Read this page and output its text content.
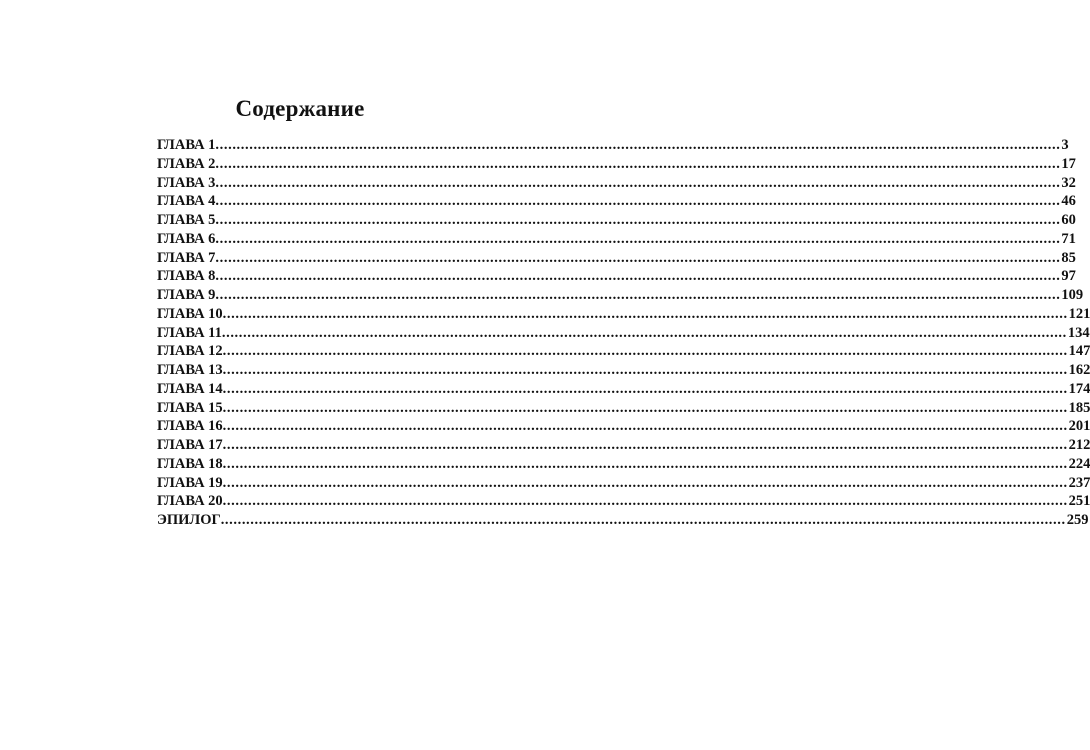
Содержание
ГЛАВА 1 ........................................................................................................................................................................................................ 3
ГЛАВА 2 ........................................................................................................................................................................................................ 17
ГЛАВА 3 ........................................................................................................................................................................................................ 32
ГЛАВА 4 ........................................................................................................................................................................................................ 46
ГЛАВА 5 ........................................................................................................................................................................................................ 60
ГЛАВА 6 ........................................................................................................................................................................................................ 71
ГЛАВА 7 ........................................................................................................................................................................................................ 85
ГЛАВА 8 ........................................................................................................................................................................................................ 97
ГЛАВА 9 ........................................................................................................................................................................................................ 109
ГЛАВА 10 ........................................................................................................................................................................................................ 121
ГЛАВА 11 ........................................................................................................................................................................................................ 134
ГЛАВА 12 ........................................................................................................................................................................................................ 147
ГЛАВА 13 ........................................................................................................................................................................................................ 162
ГЛАВА 14 ........................................................................................................................................................................................................ 174
ГЛАВА 15 ........................................................................................................................................................................................................ 185
ГЛАВА 16 ........................................................................................................................................................................................................ 201
ГЛАВА 17 ........................................................................................................................................................................................................ 212
ГЛАВА 18 ........................................................................................................................................................................................................ 224
ГЛАВА 19 ........................................................................................................................................................................................................ 237
ГЛАВА 20 ........................................................................................................................................................................................................ 251
ЭПИЛОГ ........................................................................................................................................................................................................ 259
